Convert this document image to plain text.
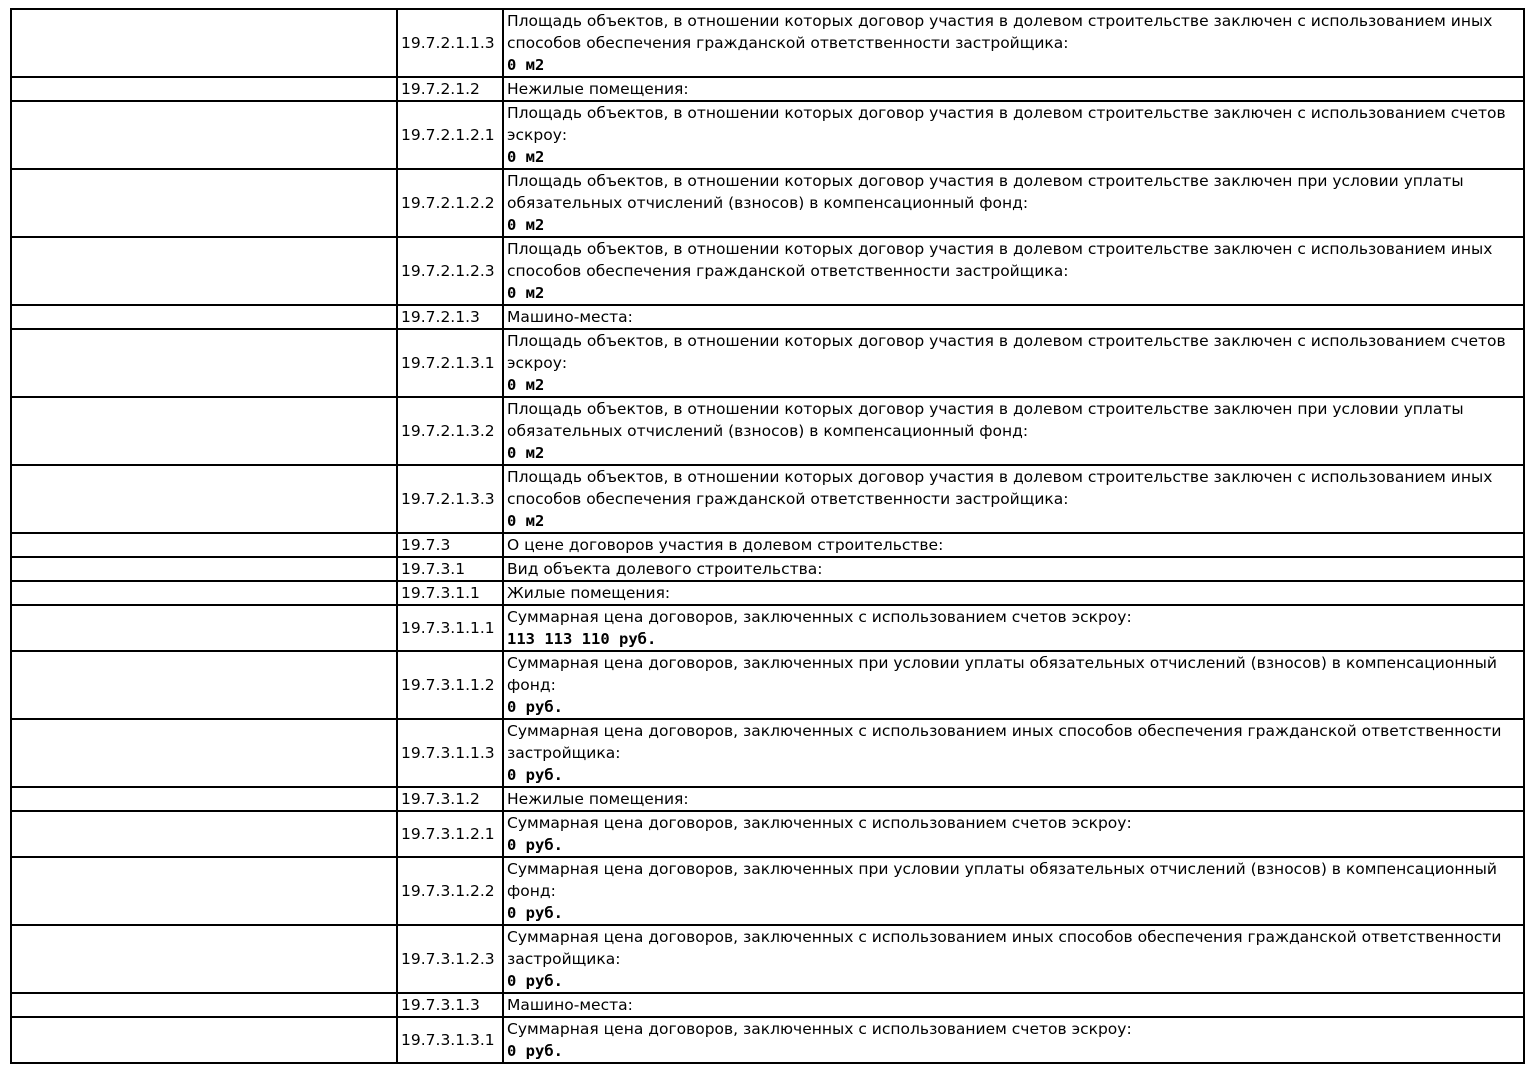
	19.7.2.1.1.3	Площадь объектов, в отношении которых договор участия в долевом строительстве заключен с использованием иных способов обеспечения гражданской ответственности застройщика:
0 м2

	19.7.2.1.2	Нежилые помещения:
	19.7.2.1.2.1	Площадь объектов, в отношении которых договор участия в долевом строительстве заключен с использованием счетов эскроу:
0 м2

	19.7.2.1.2.2	Площадь объектов, в отношении которых договор участия в долевом строительстве заключен при условии уплаты обязательных отчислений (взносов) в компенсационный фонд:
0 м2

	19.7.2.1.2.3	Площадь объектов, в отношении которых договор участия в долевом строительстве заключен с использованием иных способов обеспечения гражданской ответственности застройщика:
0 м2

	19.7.2.1.3	Машино-места:
	19.7.2.1.3.1	Площадь объектов, в отношении которых договор участия в долевом строительстве заключен с использованием счетов эскроу:
0 м2

	19.7.2.1.3.2	Площадь объектов, в отношении которых договор участия в долевом строительстве заключен при условии уплаты обязательных отчислений (взносов) в компенсационный фонд:
0 м2

	19.7.2.1.3.3	Площадь объектов, в отношении которых договор участия в долевом строительстве заключен с использованием иных способов обеспечения гражданской ответственности застройщика:
0 м2

	19.7.3	О цене договоров участия в долевом строительстве:
	19.7.3.1	Вид объекта долевого строительства:
	19.7.3.1.1	Жилые помещения:
	19.7.3.1.1.1	Суммарная цена договоров, заключенных с использованием счетов эскроу:
113 113 110 руб.

	19.7.3.1.1.2	Суммарная цена договоров, заключенных при условии уплаты обязательных отчислений (взносов) в компенсационный фонд:
0 руб.

	19.7.3.1.1.3	Суммарная цена договоров, заключенных с использованием иных способов обеспечения гражданской ответственности застройщика:
0 руб.

	19.7.3.1.2	Нежилые помещения:
	19.7.3.1.2.1	Суммарная цена договоров, заключенных с использованием счетов эскроу:
0 руб.

	19.7.3.1.2.2	Суммарная цена договоров, заключенных при условии уплаты обязательных отчислений (взносов) в компенсационный фонд:
0 руб.

	19.7.3.1.2.3	Суммарная цена договоров, заключенных с использованием иных способов обеспечения гражданской ответственности застройщика:
0 руб.

	19.7.3.1.3	Машино-места:
	19.7.3.1.3.1	Суммарная цена договоров, заключенных с использованием счетов эскроу:
0 руб.
